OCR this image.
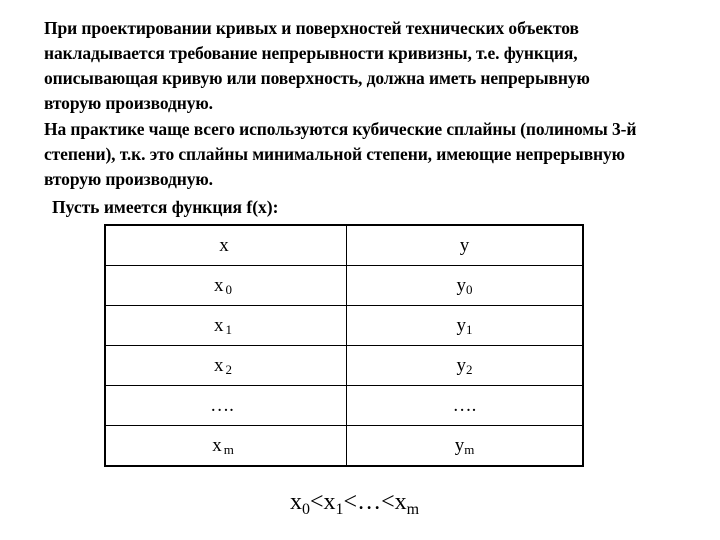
При проектировании кривых и поверхностей технических объектов
накладывается требование непрерывности кривизны, т.е. функция,
описывающая кривую или поверхность, должна иметь непрерывную
вторую производную.
На практике чаще всего используются кубические сплайны (полиномы 3-й
степени), т.к. это сплайны минимальной степени, имеющие непрерывную
вторую производную.
Пусть имеется функция f(x):
x	y
x $_0$	$y_0$
x $_1$	$y_1$
x $_2$	$y_2$
….	….
x $_m$	$y_m$
$x_0<x_1<\dots<x_m$
